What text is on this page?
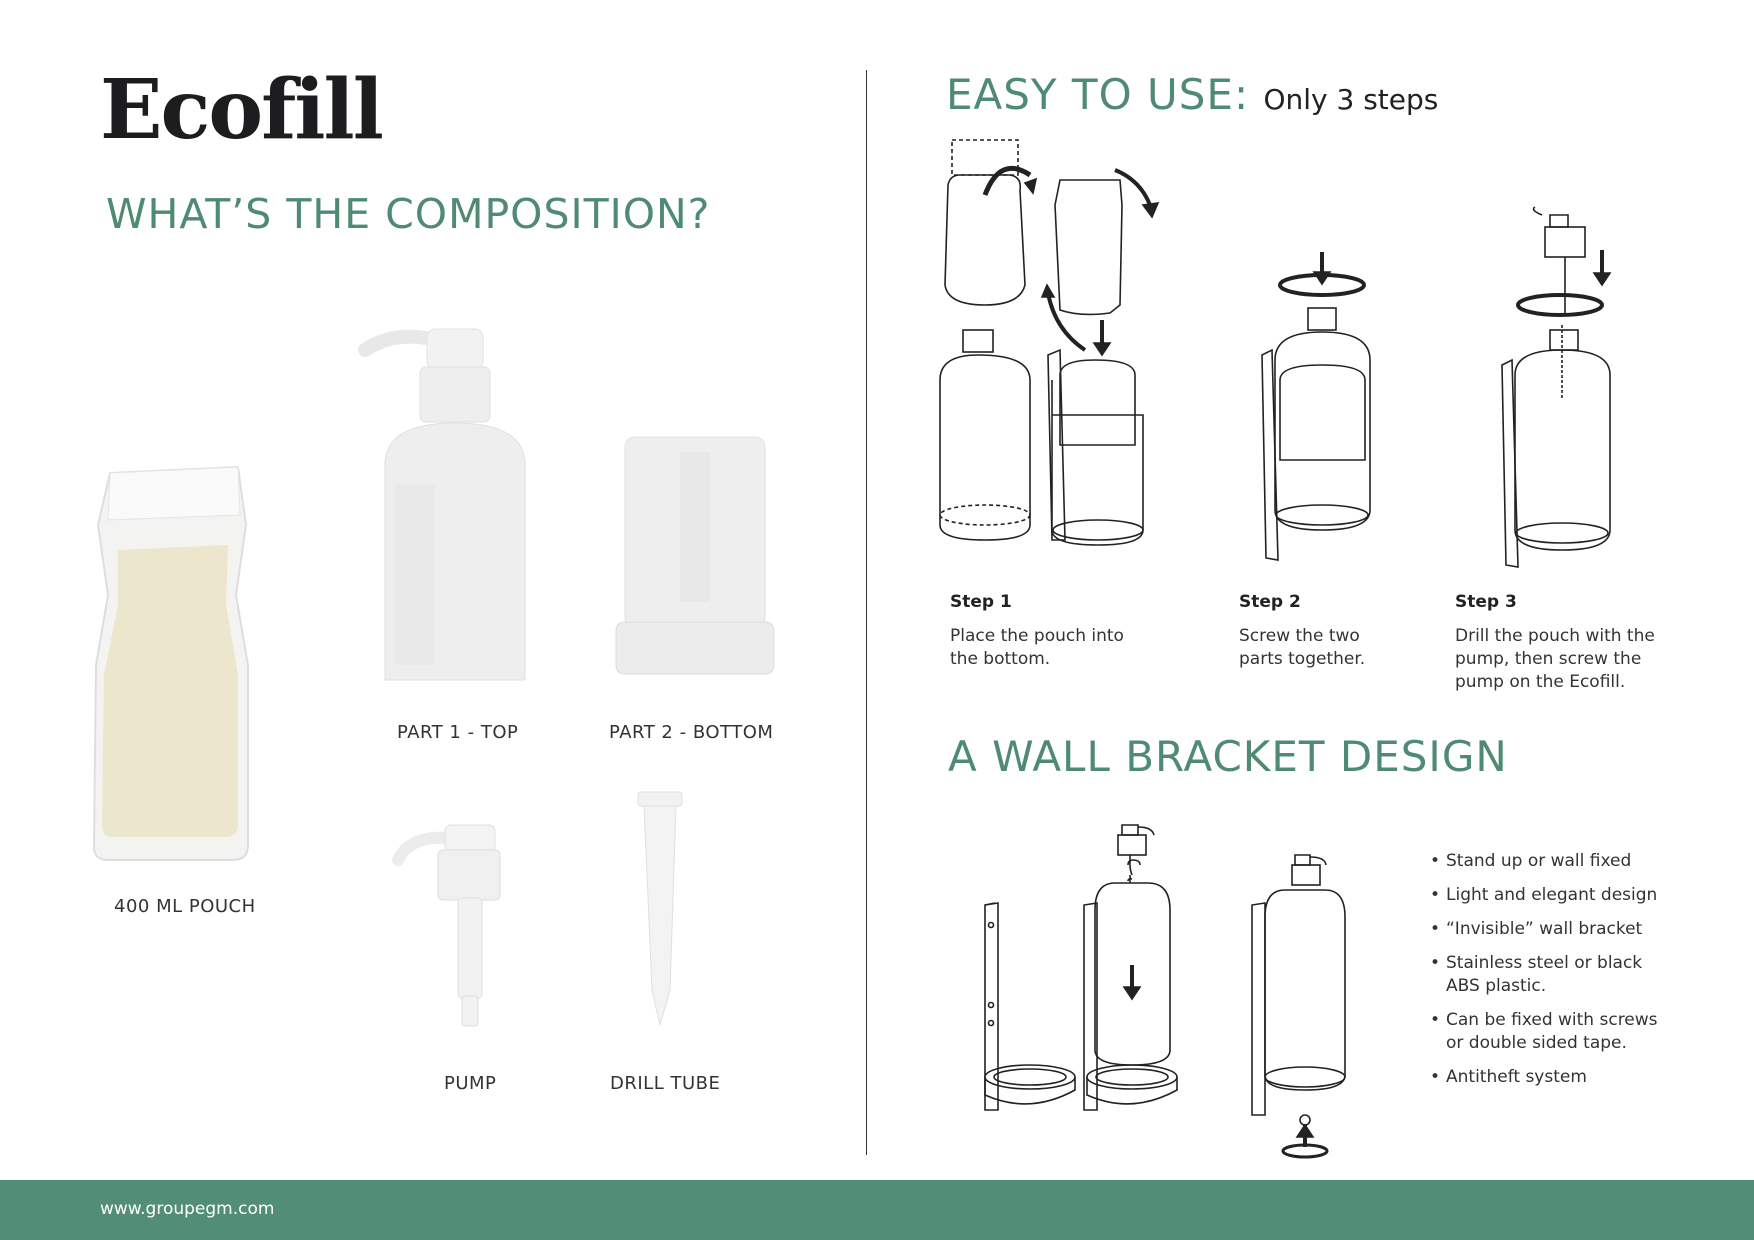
Ecofill
WHAT’S THE COMPOSITION?
400 ML POUCH
PART 1 - TOP	PART 2 - BOTTOM
PUMP	DRILL TUBE
EASY TO USE: Only 3 steps
Step 1
Place the pouch into
the bottom.
Step 2
Screw the two
parts together.
Step 3
Drill the pouch with the
pump, then screw the
pump on the Ecofill.
A WALL BRACKET DESIGN
• Stand up or wall fixed
• Light and elegant design
• “Invisible” wall bracket
• Stainless steel or black
ABS plastic.
• Can be fixed with screws
or double sided tape.
• Antitheft system
www.groupegm.com
